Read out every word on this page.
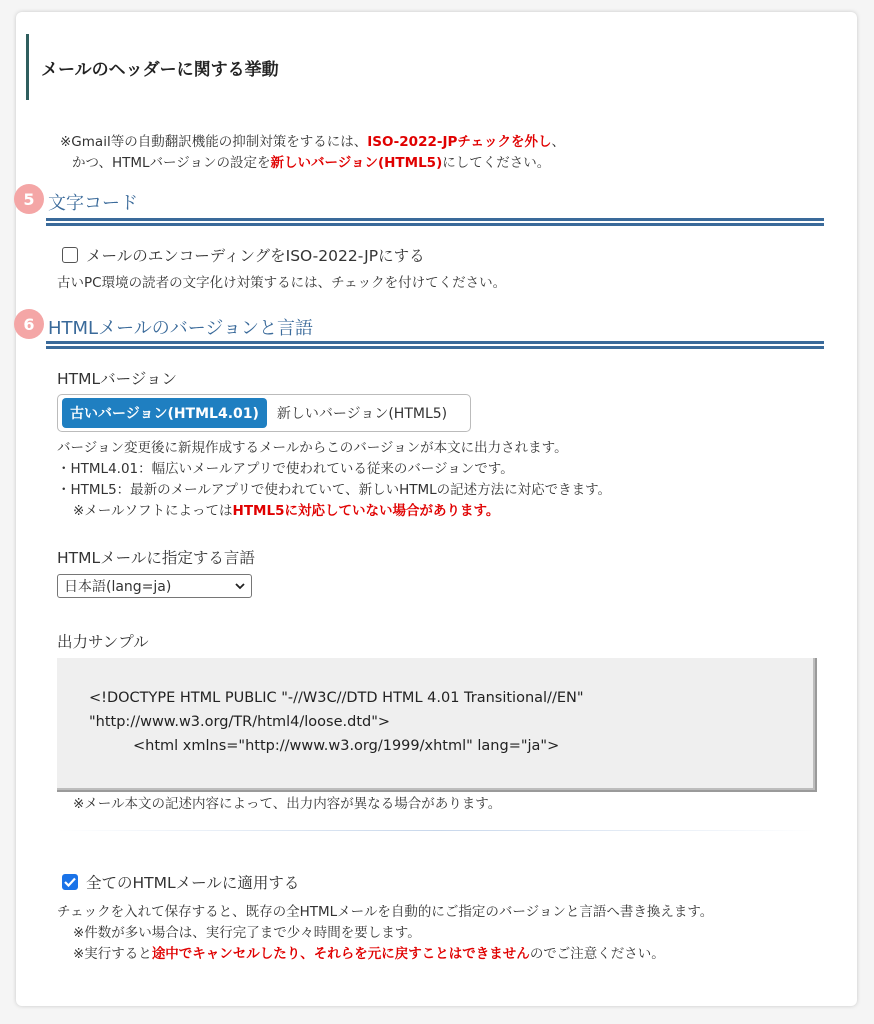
メールのヘッダーに関する挙動
※Gmail等の自動翻訳機能の抑制対策をするには、ISO-2022-JPチェックを外し、
かつ、HTMLバージョンの設定を新しいバージョン(HTML5)にしてください。
5 文字コード
メールのエンコーディングをISO-2022-JPにする
古いPC環境の読者の文字化け対策するには、チェックを付けてください。
6 HTMLメールのバージョンと言語
HTMLバージョン
古いバージョン(HTML4.01)	新しいバージョン(HTML5)
バージョン変更後に新規作成するメールからこのバージョンが本文に出力されます。
・HTML4.01：幅広いメールアプリで使われている従来のバージョンです。
・HTML5：最新のメールアプリで使われていて、新しいHTMLの記述方法に対応できます。
※メールソフトによってはHTML5に対応していない場合があります。
HTMLメールに指定する言語
日本語(lang=ja)
出力サンプル
<!DOCTYPE HTML PUBLIC "-//W3C//DTD HTML 4.01 Transitional//EN"
"http://www.w3.org/TR/html4/loose.dtd">
<html xmlns="http://www.w3.org/1999/xhtml" lang="ja">
※メール本文の記述内容によって、出力内容が異なる場合があります。
全てのHTMLメールに適用する
チェックを入れて保存すると、既存の全HTMLメールを自動的にご指定のバージョンと言語へ書き換えます。
※件数が多い場合は、実行完了まで少々時間を要します。
※実行すると途中でキャンセルしたり、それらを元に戻すことはできませんのでご注意ください。
